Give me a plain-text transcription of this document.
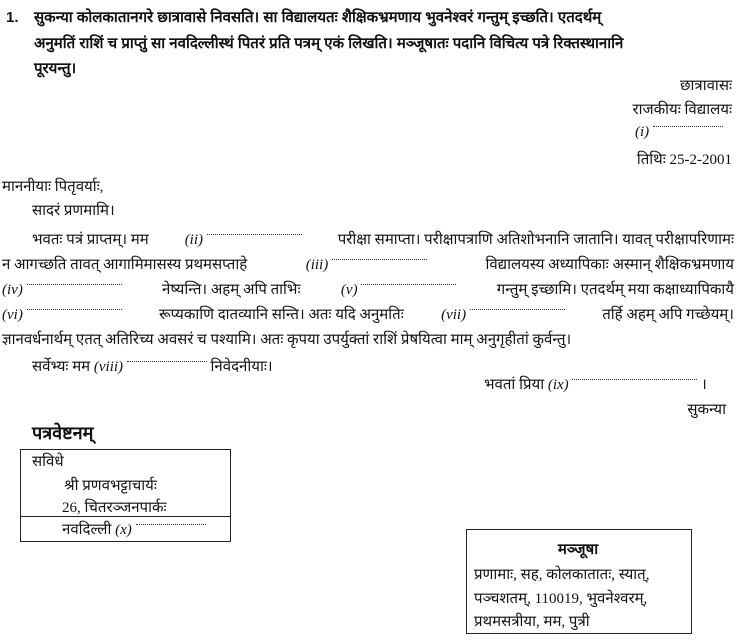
1. सुकन्या कोलकातानगरे छात्रावासे निवसति। सा विद्यालयतः शैक्षिकभ्रमणाय भुवनेश्वरं गन्तुम् इच्छति। एतदर्थम्
अनुमतिं राशिं च प्राप्तुं सा नवदिल्लीस्थं पितरं प्रति पत्रम् एकं लिखति। मञ्जूषातः पदानि विचित्य पत्रे रिक्तस्थानानि
पूरयन्तु।
छात्रावासः
राजकीयः विद्यालयः
(i)
तिथिः 25-2-2001
माननीयाः पितृवर्याः,
सादरं प्रणमामि।
भवतः पत्रं प्राप्तम्। मम (ii)	परीक्षा समाप्ता। परीक्षापत्राणि अतिशोभनानि जातानि। यावत् परीक्षापरिणामः
न आगच्छति तावत् आगामिमासस्य प्रथमसप्ताहे	(iii)	विद्यालयस्य अध्यापिकाः अस्मान् शैक्षिकभ्रमणाय
(iv)	नेष्यन्ति। अहम् अपि ताभिः	(v)	गन्तुम् इच्छामि। एतदर्थम् मया कक्षाध्यापिकायै
(vi)	रूप्यकाणि दातव्यानि सन्ति। अतः यदि अनुमतिः (vii)	तर्हि अहम् अपि गच्छेयम्।
ज्ञानवर्धनार्थम् एतत् अतिरिच्य अवसरं च पश्यामि। अतः कृपया उपर्युक्तां राशिं प्रेषयित्वा माम् अनुगृहीतां कुर्वन्तु।
सर्वेभ्यः मम (viii)	निवेदनीयाः।
भवतां प्रिया (ix)	।
सुकन्या
पत्रवेष्टनम्
सविधे
श्री प्रणवभट्टाचार्यः
26, चितरञ्जनपार्कः
नवदिल्ली (x)
मञ्जूषा
प्रणामाः, सह, कोलकातातः, स्यात्,
पञ्चशतम्, 110019, भुवनेश्वरम्,
प्रथमसत्रीया, मम, पुत्री
